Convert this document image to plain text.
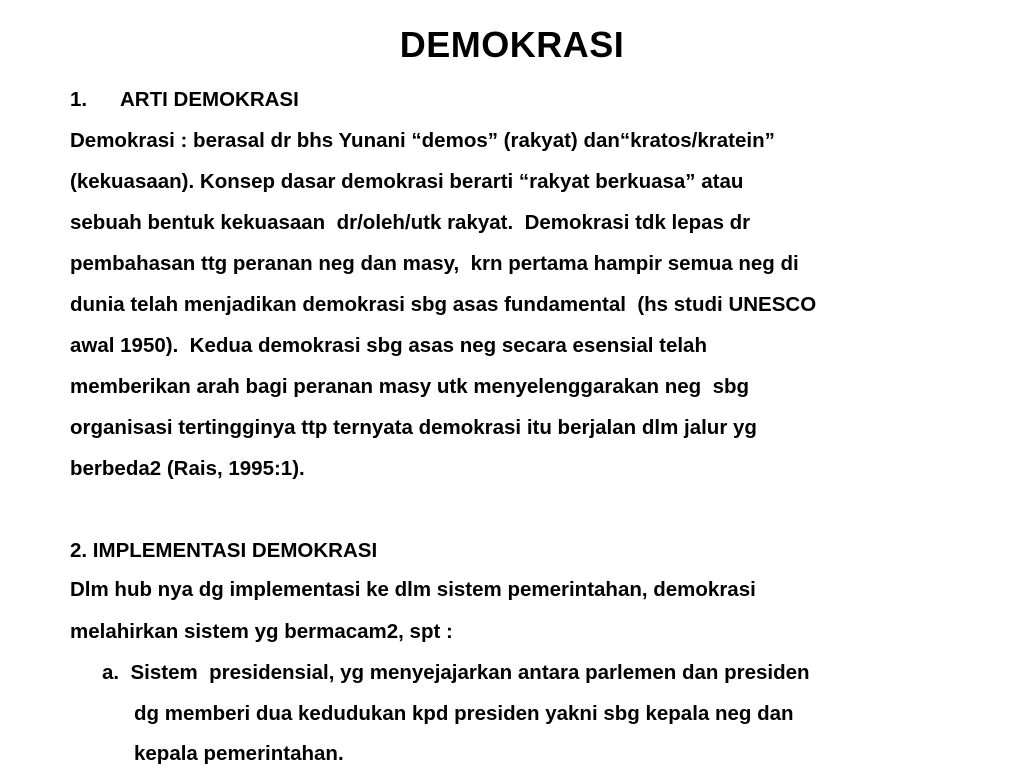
DEMOKRASI
1. ARTI DEMOKRASI
Demokrasi : berasal dr bhs Yunani “demos” (rakyat) dan“kratos/kratein”
(kekuasaan). Konsep dasar demokrasi berarti “rakyat berkuasa” atau
sebuah bentuk kekuasaan  dr/oleh/utk rakyat.  Demokrasi tdk lepas dr
pembahasan ttg peranan neg dan masy,  krn pertama hampir semua neg di
dunia telah menjadikan demokrasi sbg asas fundamental  (hs studi UNESCO
awal 1950).  Kedua demokrasi sbg asas neg secara esensial telah
memberikan arah bagi peranan masy utk menyelenggarakan neg  sbg
organisasi tertingginya ttp ternyata demokrasi itu berjalan dlm jalur yg
berbeda2 (Rais, 1995:1).
2. IMPLEMENTASI DEMOKRASI
Dlm hub nya dg implementasi ke dlm sistem pemerintahan, demokrasi
melahirkan sistem yg bermacam2, spt :
a.  Sistem  presidensial, yg menyejajarkan antara parlemen dan presiden
dg memberi dua kedudukan kpd presiden yakni sbg kepala neg dan
kepala pemerintahan.
